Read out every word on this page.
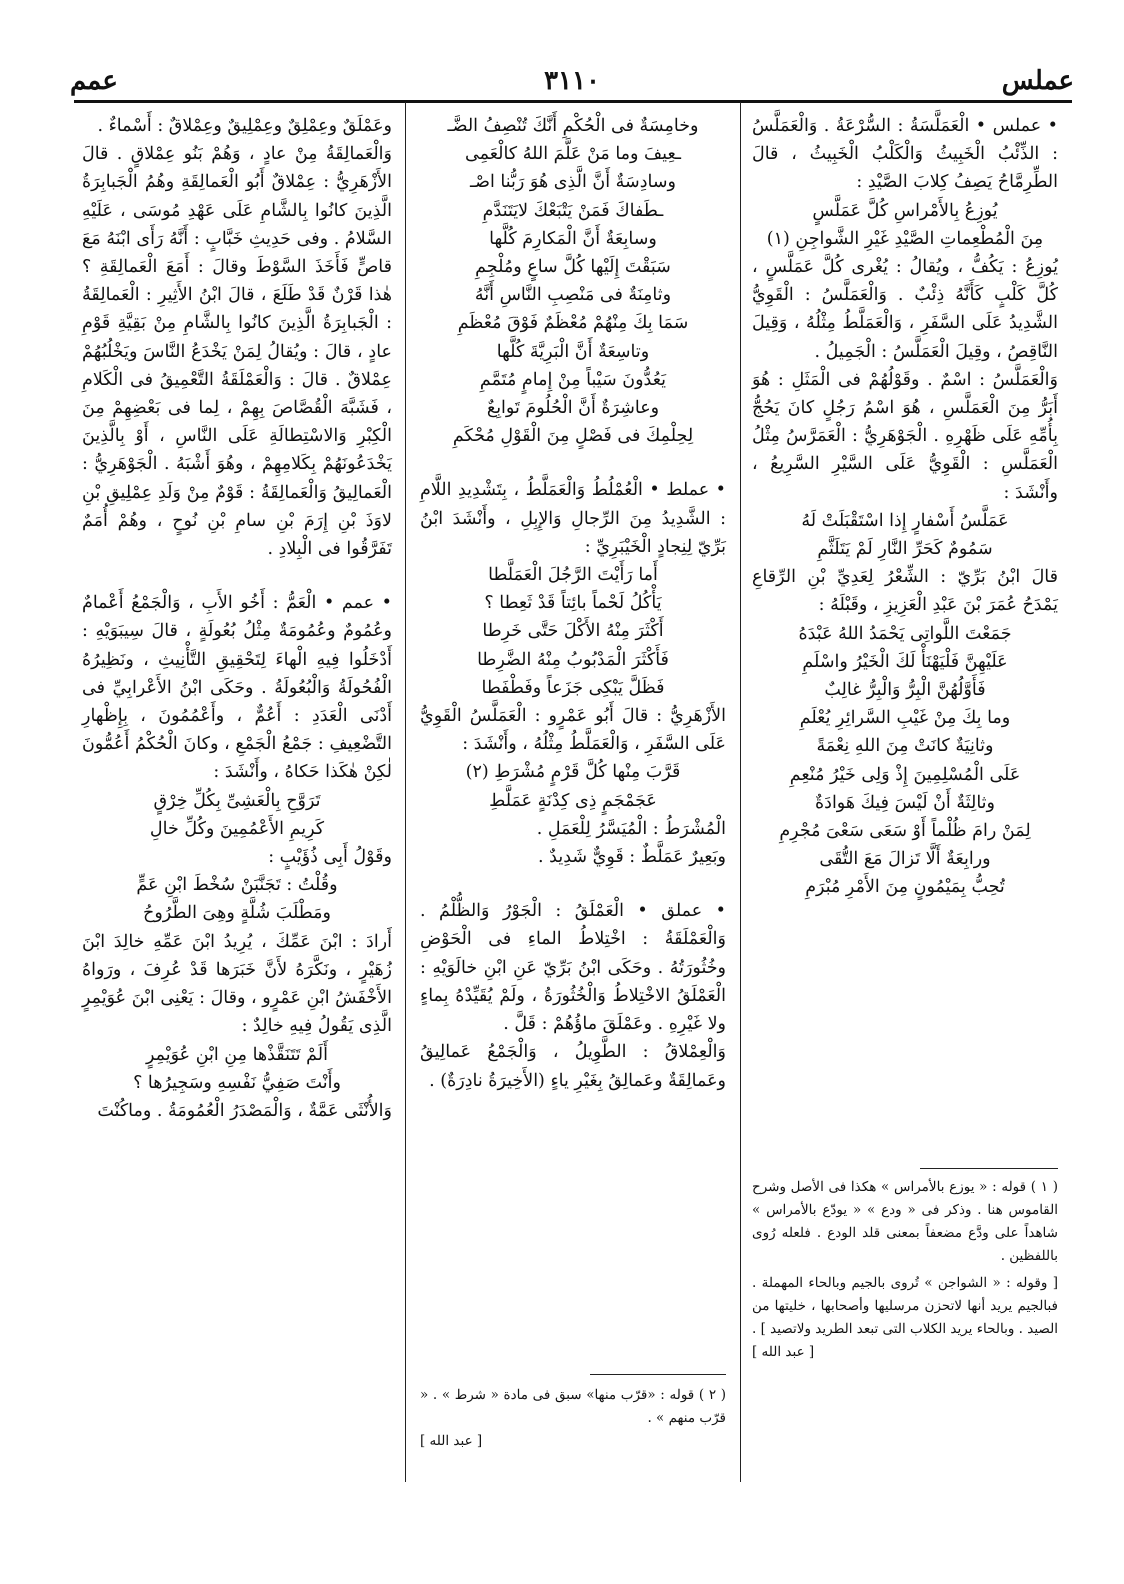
عملس
٣١١٠
عمم

• عملس • الْعَمَلَّسَةُ : السُّرْعَةُ . وَالْعَمَلَّسُ : الذِّئْبُ الْخَبِيثُ وَالْكَلْبُ الْخَبِيثُ ، قالَ الطِّرِمَّاحُ يَصِفُ كِلابَ الصَّيْدِ :

يُوزِعُ بِالأَمْراسِ كُلَّ عَمَلَّسٍ

مِنَ الْمُطْعِماتِ الصَّيْدِ غَيْرِ الشَّواجِنِ (١)

يُوزِعُ : يَكُفُّ ، ويُقالُ : يُغْرى كُلَّ عَمَلَّسٍ ، كُلَّ كَلْبٍ كَأَنَّهُ ذِئْبٌ . وَالْعَمَلَّسُ : الْقَوِيُّ الشَّدِيدُ عَلَى السَّفَرِ ، وَالْعَمَلَّطُ مِثْلُهُ ، وَقِيلَ النَّاقِصُ ، وقِيلَ الْعَمَلَّسُ : الْجَمِيلُ .

وَالْعَمَلَّسُ : اسْمٌ . وقَوْلُهُمْ فى الْمَثَلِ : هُوَ أَبَرُّ مِنَ الْعَمَلَّسِ ، هُوَ اسْمُ رَجُلٍ كانَ يَحُجُّ بِأُمِّهِ عَلَى ظَهْرِهِ . الْجَوْهَرِيُّ : الْعَمَرَّسُ مِثْلُ الْعَمَلَّسِ : الْقَوِيُّ عَلَى السَّيْرِ السَّرِيعُ ، وأَنْشَدَ :

عَمَلَّسُ أَسْفارٍ إِذا اسْتَقْبَلَتْ لَهُ

سَمُومٌ كَحَرِّ النَّارِ لَمْ يَتَلَثَّمِ

قالَ ابْنُ بَرِّيّ : الشِّعْرُ لِعَدِيِّ بْنِ الرِّقاعِ يَمْدَحُ عُمَرَ بْنَ عَبْدِ الْعَزِيزِ ، وقَبْلَهُ :

جَمَعْتَ اللَّواتِى يَحْمَدُ اللهُ عَبْدَهُ

عَلَيْهِنَّ فَلْيَهْنَأْ لَكَ الْخَيْرُ واسْلَمِ

فَأَوَّلُهُنَّ الْبِرُّ وَالْبِرُّ غالِبٌ

وما بِكَ مِنْ غَيْبِ السَّرائِرِ يُعْلَمِ

وثانِيَةٌ كانَتْ مِنَ اللهِ نِعْمَةً

عَلَى الْمُسْلِمِينَ إِذْ وَلِى خَيْرُ مُنْعِمِ

وثالِثَةٌ أَنْ لَيْسَ فِيكَ هَوادَةٌ

لِمَنْ رامَ ظُلْماً أَوْ سَعَى سَعْىَ مُجْرِمِ

ورابِعَةٌ أَلَّا تَزالَ مَعَ التُّقَى

تُحِبُّ بِمَيْمُونٍ مِنَ الأَمْرِ مُبْرَمِ

( ١ ) قوله : « يوزع بالأمراس » هكذا فى الأصل وشرح القاموس هنا . وذكر فى « ودع » « يودّع بالأمراس » شاهداً على ودَّع مضعفاً بمعنى قلد الودع . فلعله رُوى باللفظين .

[ وقوله : « الشواجن » تُروى بالجيم وبالحاء المهملة . فبالجيم يريد أنها لاتحزن مرسليها وأصحابها ، خليتها من الصيد . وبالحاء يريد الكلاب التى تبعد الطريد ولاتصيد ] .

[ عبد الله ]

وخامِسَةٌ فى الْحُكْمِ أَنَّكَ تُنْصِفُ الضَّـ

ـعِيفَ وما مَنْ عَلَّمَ اللهُ كالْعَمِى

وسادِسَةٌ أَنَّ الَّذِى هُوَ رَبُّنا اصْـ

ـطَفاكَ فَمَنْ يَتْبَعْكَ لايَتَنَدَّمِ

وسابِعَةٌ أَنَّ الْمَكارِمَ كُلَّها

سَبَقْتَ إِلَيْها كُلَّ ساعٍ ومُلْجِمِ

وثامِنَةٌ فى مَنْصِبِ النَّاسِ أَنَّهُ

سَمَا بِكَ مِنْهُمْ مُعْظَمٌ فَوْقَ مُعْظَمِ

وتاسِعَةٌ أَنَّ الْبَرِيَّةَ كُلَّها

يَعُدُّونَ سَيْباً مِنْ إِمامٍ مُتَمَّمِ

وعاشِرَةٌ أَنَّ الْحُلُومَ تَوابِعٌ

لِحِلْمِكَ فى فَصْلٍ مِنَ الْقَوْلِ مُحْكَمِ

• عملط • الْعُمْلُطُ وَالْعَمَلَّطُ ، بِتَشْدِيدِ اللَّامِ : الشَّدِيدُ مِنَ الرِّجالِ وَالإِبِلِ ، وأَنْشَدَ ابْنُ بَرِّيّ لِنِجادٍ الْخَيْبَرِيِّ :

أَما رَأَيْتَ الرَّجُلَ الْعَمَلَّطا

يَأْكُلُ لَحْماً بائِتاً قَدْ ثَعِطا ؟

أَكْثَرَ مِنْهُ الأَكْلَ حَتَّى خَرِطا

فَأَكْثَرَ الْمَدْبُوبُ مِنْهُ الضَّرِطا

فَظَلَّ يَبْكِى جَزَعاً وفَطْفَطا

الأَزْهَرِيُّ : قالَ أَبُو عَمْرٍو : الْعَمَلَّسُ الْقَوِيُّ عَلَى السَّفَرِ ، وَالْعَمَلَّطُ مِثْلُهُ ، وأَنْشَدَ :

قَرَّبَ مِنْها كُلَّ قَرْمٍ مُشْرَطِ (٢)

عَجَمْجَمٍ ذِى كِدْنَةٍ عَمَلَّطِ

الْمُشْرَطُ : الْمُيَسَّرُ لِلْعَمَلِ .

وبَعِيرٌ عَمَلَّطٌ : قَوِيٌّ شَدِيدٌ .

• عملق • الْعَمْلَقُ : الْجَوْرُ وَالظُّلْمُ . وَالْعَمْلَقَةُ : اخْتِلاطُ الماءِ فى الْحَوْضِ وخُثُورَتُهُ . وحَكَى ابْنُ بَرِّيّ عَنِ ابْنِ خالَوَيْهِ : الْعَمْلَقُ الاخْتِلاطُ وَالْخُثُورَةُ ، ولَمْ يُقَيِّدْهُ بِماءٍ ولا غَيْرِهِ . وعَمْلَقَ ماؤُهُمْ : قَلَّ .

وَالْعِمْلاقُ : الطَّوِيلُ ، وَالْجَمْعُ عَمالِيقُ وعَمالِقَةٌ وعَمالِقُ بِغَيْرِ ياءٍ (الأَخِيرَةُ نادِرَةٌ) .

( ٢ ) قوله : «قرّب منها» سبق فى مادة « شرط » . « قرّب منهم » .

[ عبد الله ]

وعَمْلَقٌ وعِمْلِقٌ وعِمْلِيقٌ وعِمْلاقٌ : أَسْماءٌ .

وَالْعَمالِقَةُ مِنْ عادٍ ، وَهُمْ بَنُو عِمْلاقٍ . قالَ الأَزْهَرِيُّ : عِمْلاقٌ أَبُو الْعَمالِقَةِ وهُمُ الْجَبابِرَةُ الَّذِينَ كانُوا بِالشَّامِ عَلَى عَهْدِ مُوسَى ، عَلَيْهِ السَّلامُ . وفى حَدِيثِ خَبَّابٍ : أَنَّهُ رَأَى ابْنَهُ مَعَ قاصٍّ فَأَخَذَ السَّوْطَ وقالَ : أَمَعَ الْعَمالِقَةِ ؟ هٰذا قَرْنٌ قَدْ طَلَعَ ، قالَ ابْنُ الأَثِيرِ : الْعَمالِقَةُ : الْجَبابِرَةُ الَّذِينَ كانُوا بِالشَّامِ مِنْ بَقِيَّةِ قَوْمِ عادٍ ، قالَ : ويُقالُ لِمَنْ يَخْدَعُ النَّاسَ ويَخْلُبُهُمْ عِمْلاقٌ . قالَ : وَالْعَمْلَقَةُ التَّعْمِيقُ فى الْكَلامِ ، فَشَبَّهَ الْقُصَّاصَ بِهِمْ ، لِما فى بَعْضِهِمْ مِنَ الْكِبْرِ وَالاسْتِطالَةِ عَلَى النَّاسِ ، أَوْ بِالَّذِينَ يَخْدَعُونَهُمْ بِكَلامِهِمْ ، وهُوَ أَشْبَهُ . الْجَوْهَرِيُّ : الْعَمالِيقُ وَالْعَمالِقَةُ : قَوْمٌ مِنْ وَلَدِ عِمْلِيقِ بْنِ لاوَذَ بْنِ إِرَمَ بْنِ سامِ بْنِ نُوحٍ ، وهُمْ أُمَمٌ تَفَرَّقُوا فى الْبِلادِ .

• عمم • الْعَمُّ : أَخُو الأَبِ ، وَالْجَمْعُ أَعْمامٌ وعُمُومٌ وعُمُومَةٌ مِثْلُ بُعُولَةٍ ، قالَ سِيبَوَيْهِ : أَدْخَلُوا فِيهِ الْهاءَ لِتَحْقِيقِ التَّأْنِيثِ ، ونَظِيرُهُ الْفُحُولَةُ وَالْبُعُولَةُ . وحَكَى ابْنُ الأَعْرابِيِّ فى أَدْنَى الْعَدَدِ : أَعُمٌّ ، وأَعْمُمُونَ ، بِإِظْهارِ التَّضْعِيفِ : جَمْعُ الْجَمْعِ ، وكانَ الْحُكْمُ أَعُمُّونَ لٰكِنْ هٰكَذا حَكاهُ ، وأَنْشَدَ :

تَرَوَّحِ بِالْعَشِىِّ بِكُلِّ خِرْقٍ

كَرِيمِ الأَعْمُمِينَ وكُلِّ خالِ

وقَوْلُ أَبِى ذُؤَيْبٍ :

وقُلْتُ : تَجَنَّبَنْ سُخْطَ ابْنِ عَمٍّ

ومَطْلَبَ شُلَّةٍ وهِىَ الطَّرُوحُ

أَرادَ : ابْنَ عَمِّكَ ، يُرِيدُ ابْنَ عَمِّهِ خالِدَ ابْنَ زُهَيْرٍ ، ونَكَّرَهُ لأَنَّ خَبَرَها قَدْ عُرِفَ ، ورَواهُ الأَخْفَشُ ابْنِ عَمْرٍو ، وقالَ : يَعْنِى ابْنَ عُوَيْمِرٍ الَّذِى يَقُولُ فِيهِ خالِدٌ :

أَلَمْ تَتَنَقَّذْها مِنِ ابْنِ عُوَيْمِرٍ

وأَنْتَ صَفِيُّ نَفْسِهِ وسَجِيرُها ؟

وَالأُنْثَى عَمَّةٌ ، وَالْمَصْدَرُ الْعُمُومَةُ . وماكُنْتَ
